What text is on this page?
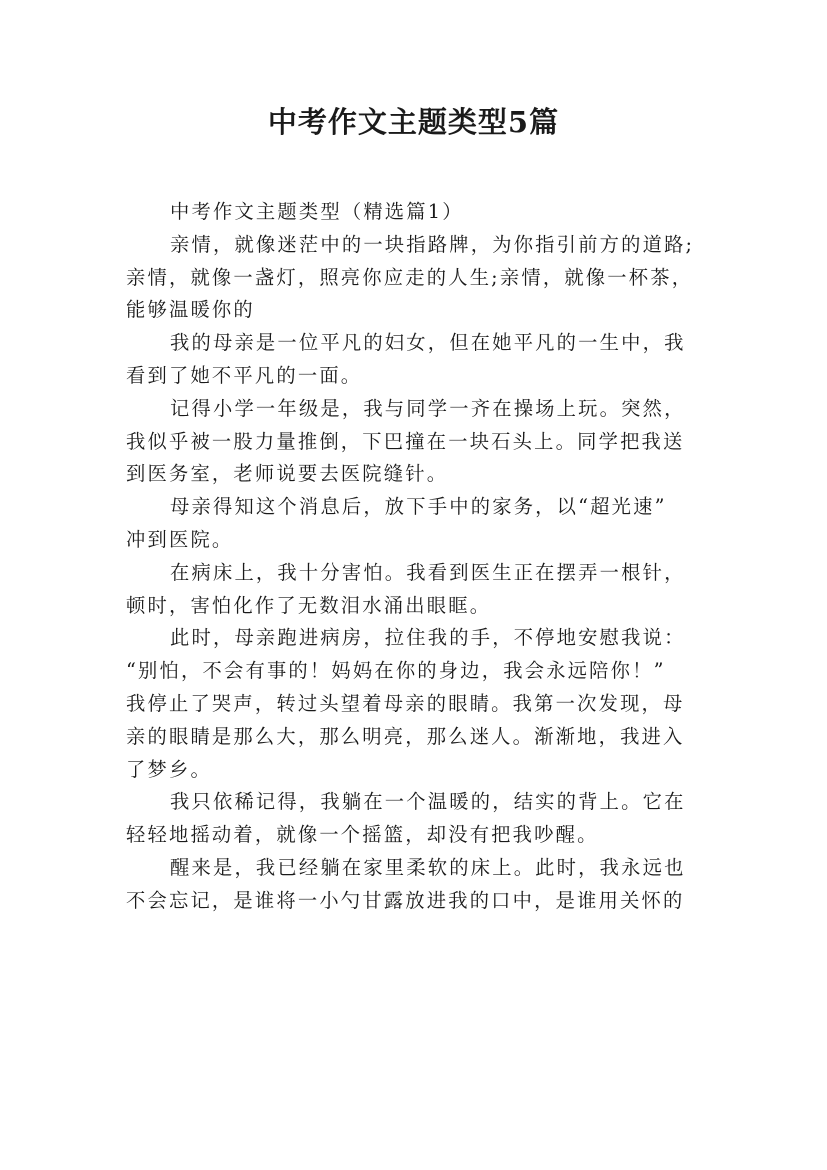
中考作文主题类型5篇
中考作文主题类型（精选篇1）
亲情，就像迷茫中的一块指路牌，为你指引前方的道路;
亲情，就像一盏灯，照亮你应走的人生;亲情，就像一杯茶，
能够温暖你的
我的母亲是一位平凡的妇女，但在她平凡的一生中，我
看到了她不平凡的一面。
记得小学一年级是，我与同学一齐在操场上玩。突然，
我似乎被一股力量推倒，下巴撞在一块石头上。同学把我送
到医务室，老师说要去医院缝针。
母亲得知这个消息后，放下手中的家务，以“超光速”
冲到医院。
在病床上，我十分害怕。我看到医生正在摆弄一根针，
顿时，害怕化作了无数泪水涌出眼眶。
此时，母亲跑进病房，拉住我的手，不停地安慰我说：
“别怕，不会有事的！妈妈在你的身边，我会永远陪你！”
我停止了哭声，转过头望着母亲的眼睛。我第一次发现，母
亲的眼睛是那么大，那么明亮，那么迷人。渐渐地，我进入
了梦乡。
我只依稀记得，我躺在一个温暖的，结实的背上。它在
轻轻地摇动着，就像一个摇篮，却没有把我吵醒。
醒来是，我已经躺在家里柔软的床上。此时，我永远也
不会忘记，是谁将一小勺甘露放进我的口中，是谁用关怀的
